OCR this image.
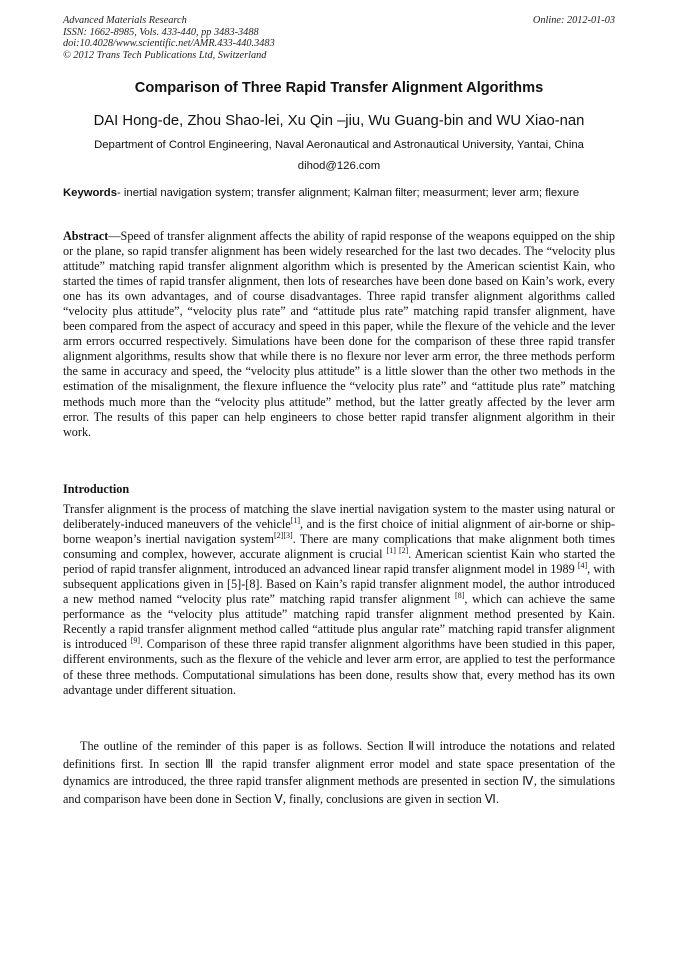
Advanced Materials Research
ISSN: 1662-8985, Vols. 433-440, pp 3483-3488
doi:10.4028/www.scientific.net/AMR.433-440.3483
© 2012 Trans Tech Publications Ltd, Switzerland
Online: 2012-01-03
Comparison of Three Rapid Transfer Alignment Algorithms
DAI Hong-de, Zhou Shao-lei, Xu Qin –jiu, Wu Guang-bin and WU Xiao-nan
Department of Control Engineering, Naval Aeronautical and Astronautical University, Yantai, China
dihod@126.com
Keywords- inertial navigation system; transfer alignment; Kalman filter; measurment; lever arm; flexure
Abstract—Speed of transfer alignment affects the ability of rapid response of the weapons equipped on the ship or the plane, so rapid transfer alignment has been widely researched for the last two decades. The “velocity plus attitude” matching rapid transfer alignment algorithm which is presented by the American scientist Kain, who started the times of rapid transfer alignment, then lots of researches have been done based on Kain’s work, every one has its own advantages, and of course disadvantages. Three rapid transfer alignment algorithms called “velocity plus attitude”, “velocity plus rate” and “attitude plus rate” matching rapid transfer alignment, have been compared from the aspect of accuracy and speed in this paper, while the flexure of the vehicle and the lever arm errors occurred respectively. Simulations have been done for the comparison of these three rapid transfer alignment algorithms, results show that while there is no flexure nor lever arm error, the three methods perform the same in accuracy and speed, the “velocity plus attitude” is a little slower than the other two methods in the estimation of the misalignment, the flexure influence the “velocity plus rate” and “attitude plus rate” matching methods much more than the “velocity plus attitude” method, but the latter greatly affected by the lever arm error. The results of this paper can help engineers to chose better rapid transfer alignment algorithm in their work.
Introduction
Transfer alignment is the process of matching the slave inertial navigation system to the master using natural or deliberately-induced maneuvers of the vehicle[1], and is the first choice of initial alignment of air-borne or ship-borne weapon’s inertial navigation system[2][3]. There are many complications that make alignment both times consuming and complex, however, accurate alignment is crucial [1] [2]. American scientist Kain who started the period of rapid transfer alignment, introduced an advanced linear rapid transfer alignment model in 1989 [4], with subsequent applications given in [5]-[8]. Based on Kain’s rapid transfer alignment model, the author introduced a new method named “velocity plus rate” matching rapid transfer alignment [8], which can achieve the same performance as the “velocity plus attitude” matching rapid transfer alignment method presented by Kain. Recently a rapid transfer alignment method called “attitude plus angular rate” matching rapid transfer alignment is introduced [9]. Comparison of these three rapid transfer alignment algorithms have been studied in this paper, different environments, such as the flexure of the vehicle and lever arm error, are applied to test the performance of these three methods. Computational simulations has been done, results show that, every method has its own advantage under different situation.
The outline of the reminder of this paper is as follows. Section Ⅱwill introduce the notations and related definitions first. In section Ⅲ the rapid transfer alignment error model and state space presentation of the dynamics are introduced, the three rapid transfer alignment methods are presented in section Ⅳ, the simulations and comparison have been done in Section Ⅴ, finally, conclusions are given in section Ⅵ.
